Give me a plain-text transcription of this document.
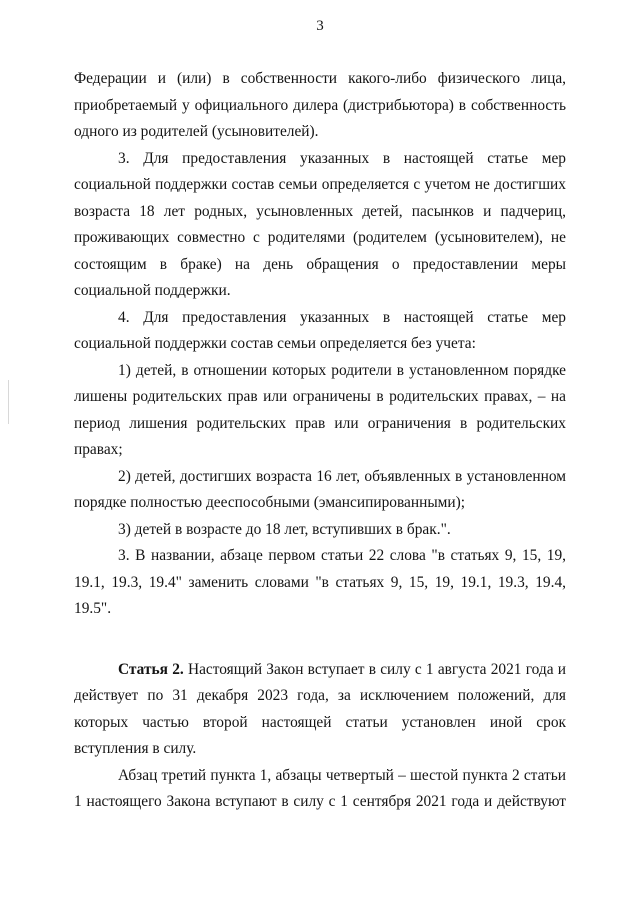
3
Федерации и (или) в собственности какого-либо физического лица,
приобретаемый у официального дилера (дистрибьютора) в собственность
одного из родителей (усыновителей).
3. Для предоставления указанных в настоящей статье мер
социальной поддержки состав семьи определяется с учетом не достигших
возраста 18 лет родных, усыновленных детей, пасынков и падчериц,
проживающих совместно с родителями (родителем (усыновителем), не
состоящим в браке) на день обращения о предоставлении меры
социальной поддержки.
4. Для предоставления указанных в настоящей статье мер
социальной поддержки состав семьи определяется без учета:
1) детей, в отношении которых родители в установленном порядке
лишены родительских прав или ограничены в родительских правах, – на
период лишения родительских прав или ограничения в родительских
правах;
2) детей, достигших возраста 16 лет, объявленных в установленном
порядке полностью дееспособными (эмансипированными);
3) детей в возрасте до 18 лет, вступивших в брак.".
3. В названии, абзаце первом статьи 22 слова "в статьях 9, 15, 19,
19.1, 19.3, 19.4" заменить словами "в статьях 9, 15, 19, 19.1, 19.3, 19.4,
19.5".
Статья 2. Настоящий Закон вступает в силу с 1 августа 2021 года и
действует по 31 декабря 2023 года, за исключением положений, для
которых частью второй настоящей статьи установлен иной срок
вступления в силу.
Абзац третий пункта 1, абзацы четвертый – шестой пункта 2 статьи
1 настоящего Закона вступают в силу с 1 сентября 2021 года и действуют
